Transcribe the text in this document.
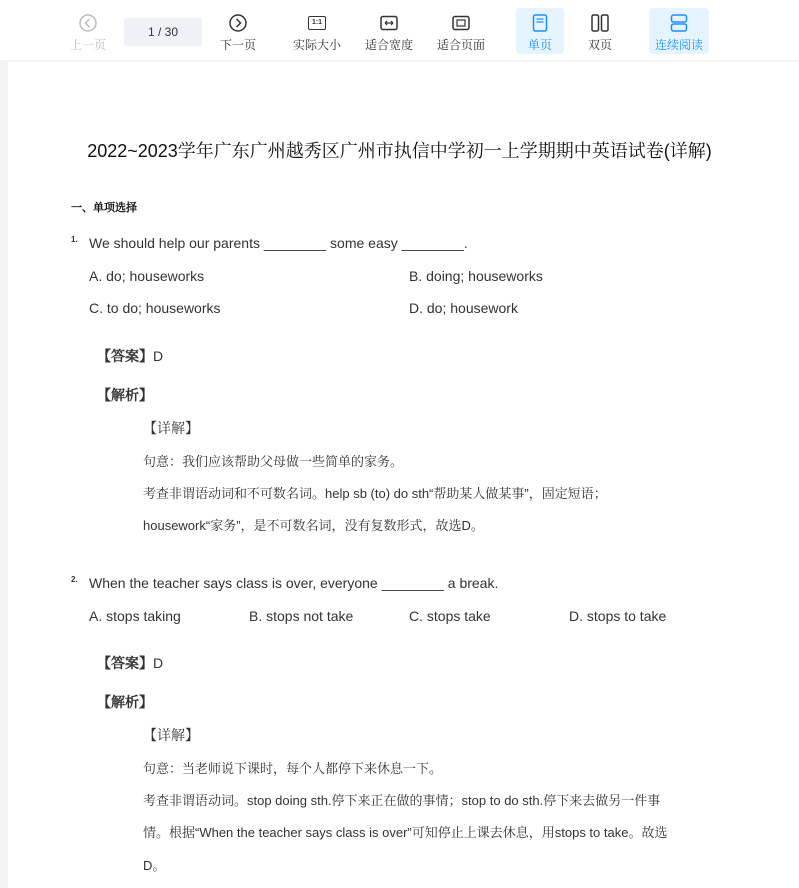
上一页
1 / 30
下一页
1:1
实际大小 适合宽度 适合页面	单页	双页	连续阅读
2022~2023学年广东广州越秀区广州市执信中学初一上学期期中英语试卷(详解)
一、单项选择
1. We should help our parents ________ some easy ________.
A. do; houseworks	B. doing; houseworks
C. to do; houseworks	D. do; housework
【答案】D
【解析】
【详解】
句意：我们应该帮助父母做一些简单的家务。
考查非谓语动词和不可数名词。help sb (to) do sth“帮助某人做某事”，固定短语；
housework“家务”，是不可数名词，没有复数形式，故选D。
2. When the teacher says class is over, everyone ________ a break.
A. stops taking	B. stops not take	C. stops take	D. stops to take
【答案】D
【解析】
【详解】
句意：当老师说下课时，每个人都停下来休息一下。
考查非谓语动词。stop doing sth.停下来正在做的事情；stop to do sth.停下来去做另一件事
情。根据“When the teacher says class is over”可知停止上课去休息，用stops to take。故选
D。
